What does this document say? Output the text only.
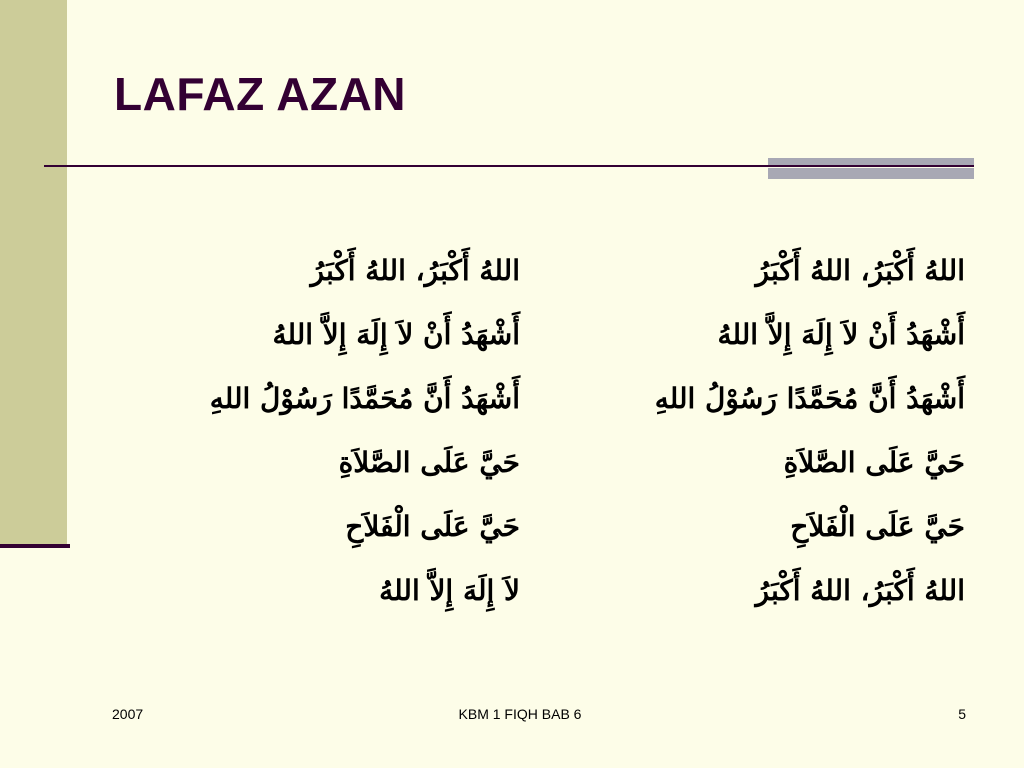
LAFAZ AZAN
اللهُ أَكْبَرُ، اللهُ أَكْبَرُ
أَشْهَدُ أَنْ لاَ إِلَهَ إِلاَّ اللهُ
أَشْهَدُ أَنَّ مُحَمَّدًا رَسُوْلُ اللهِ
حَيَّ عَلَى الصَّلاَةِ
حَيَّ عَلَى الْفَلاَحِ
اللهُ أَكْبَرُ، اللهُ أَكْبَرُ
اللهُ أَكْبَرُ، اللهُ أَكْبَرُ
أَشْهَدُ أَنْ لاَ إِلَهَ إِلاَّ اللهُ
أَشْهَدُ أَنَّ مُحَمَّدًا رَسُوْلُ اللهِ
حَيَّ عَلَى الصَّلاَةِ
حَيَّ عَلَى الْفَلاَحِ
لاَ إِلَهَ إِلاَّ اللهُ
2007	KBM 1 FIQH BAB 6	5
